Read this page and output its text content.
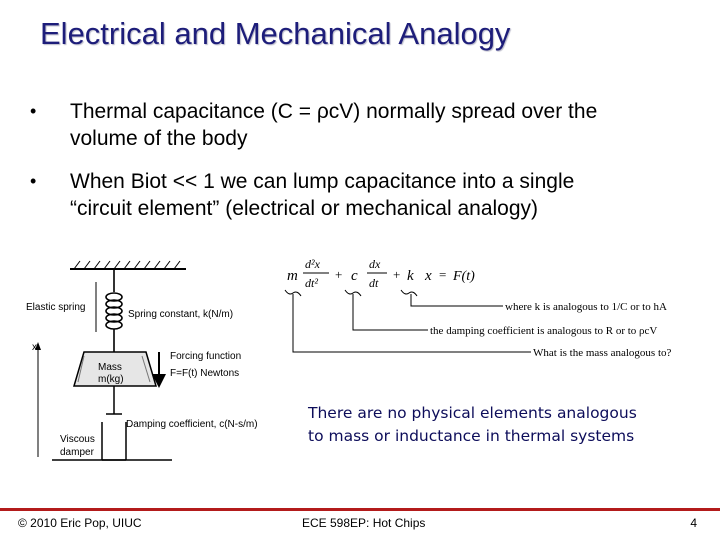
Electrical and Mechanical Analogy
• Thermal capacitance (C = ρcV) normally spread over the
volume of the body
• When Biot << 1 we can lump capacitance into a single
“circuit element” (electrical or mechanical analogy)
x
Mass
m(kg)
Elastic spring
Spring constant, k(N/m)
Forcing function
F=F(t) Newtons
Damping coefficient, c(N-s/m)
Viscous
damper
m
d²x
dt²
+ c
dx
dt
+ k x = F(t)
where k is analogous to 1/C or to hA
the damping coefficient is analogous to R or to ρcV
What is the mass analogous to?
There are no physical elements analogous
to mass or inductance in thermal systems
© 2010 Eric Pop, UIUC	ECE 598EP: Hot Chips	4
